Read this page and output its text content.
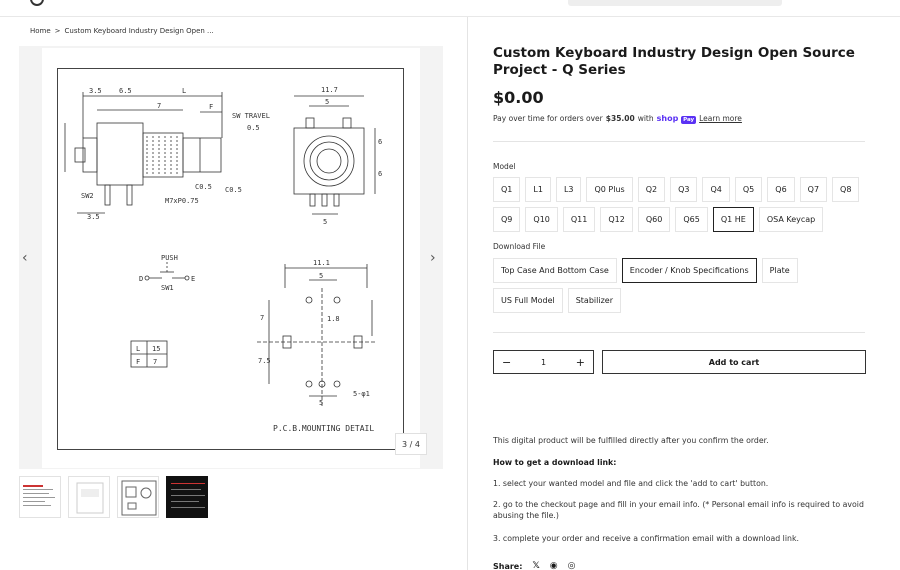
Home > Custom Keyboard Industry Design Open ...
3.5 6.5
7
L
F
SW TRAVEL
0.5
C0.5 C0.5
M7xP0.75
SW2
3.5
11.7
5
6
6
5
PUSH
D	E
SW1
L 15
F 7
11.1
5
1.8
7
7.5
5
5-φ1
P.C.B.MOUNTING DETAIL
‹	›
3 / 4
Custom Keyboard Industry Design Open Source Project - Q Series
$0.00
Pay over time for orders over $35.00 with shop Pay Learn more
Model
Q1	L1	L3	Q0 Plus	Q2	Q3	Q4	Q5	Q6	Q7	Q8
Q9	Q10	Q11	Q12	Q60	Q65	Q1 HE	OSA Keycap
Download File
Top Case And Bottom Case	Encoder / Knob Specifications	Plate
US Full Model	Stabilizer
−	1	+	Add to cart

This digital product will be fulfilled directly after you confirm the order.

How to get a download link:

1. select your wanted model and file and click the 'add to cart' button.

2. go to the checkout page and fill in your email info. (* Personal email info is required to avoid abusing the file.)

3. complete your order and receive a confirmation email with a download link.

Share: 𝕏 ◉ ◎
